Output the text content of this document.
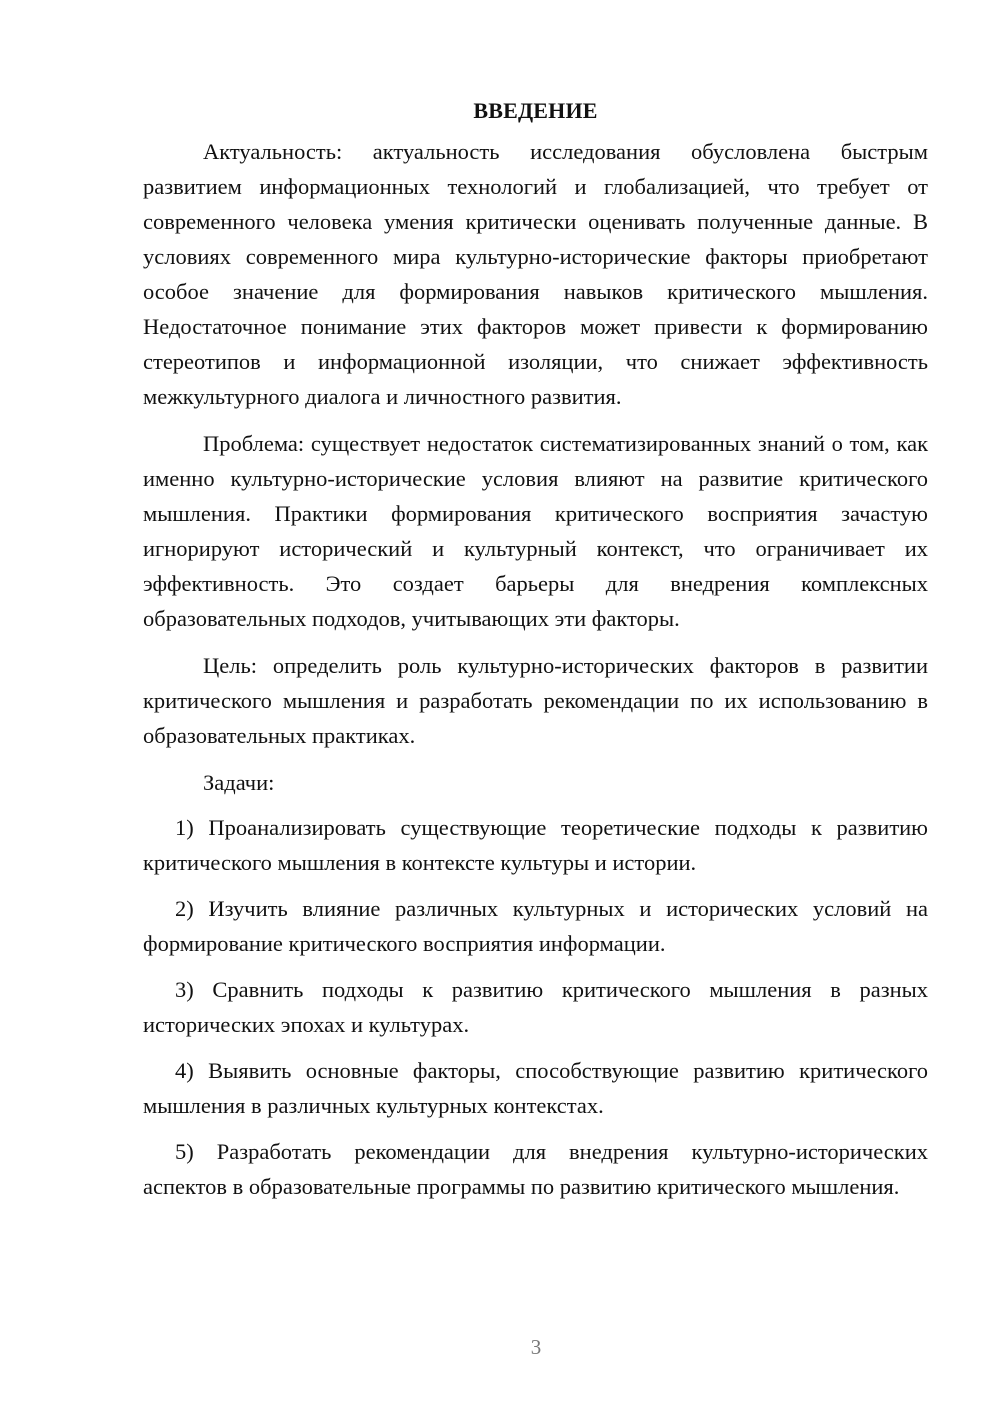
ВВЕДЕНИЕ

Актуальность: актуальность исследования обусловлена быстрым развитием информационных технологий и глобализацией, что требует от современного человека умения критически оценивать полученные данные. В условиях современного мира культурно-исторические факторы приобретают особое значение для формирования навыков критического мышления. Недостаточное понимание этих факторов может привести к формированию стереотипов и информационной изоляции, что снижает эффективность межкультурного диалога и личностного развития.

Проблема: существует недостаток систематизированных знаний о том, как именно культурно-исторические условия влияют на развитие критического мышления. Практики формирования критического восприятия зачастую игнорируют исторический и культурный контекст, что ограничивает их эффективность. Это создает барьеры для внедрения комплексных образовательных подходов, учитывающих эти факторы.

Цель: определить роль культурно-исторических факторов в развитии критического мышления и разработать рекомендации по их использованию в образовательных практиках.

Задачи:

1) Проанализировать существующие теоретические подходы к развитию критического мышления в контексте культуры и истории.

2) Изучить влияние различных культурных и исторических условий на формирование критического восприятия информации.

3) Сравнить подходы к развитию критического мышления в разных исторических эпохах и культурах.

4) Выявить основные факторы, способствующие развитию критического мышления в различных культурных контекстах.

5) Разработать рекомендации для внедрения культурно-исторических аспектов в образовательные программы по развитию критического мышления.

3
